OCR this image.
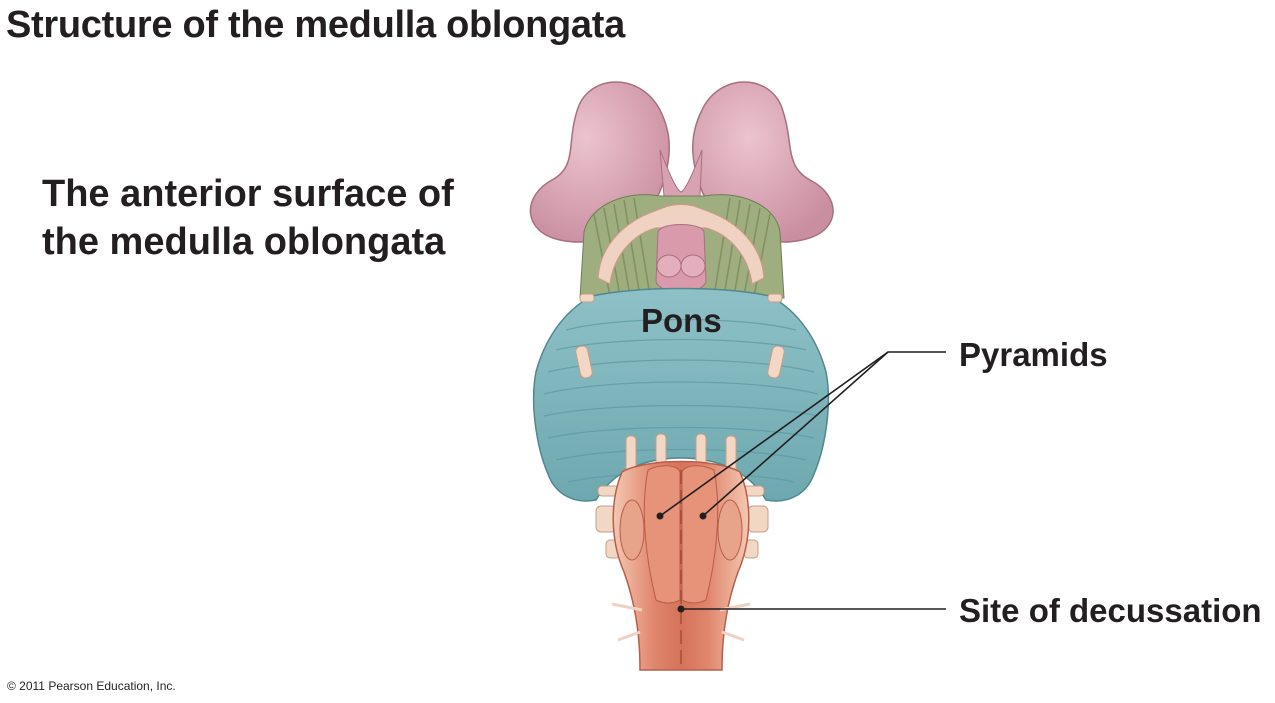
Structure of the medulla oblongata
The anterior surface of
the medulla oblongata
Pons
Pyramids
Site of decussation
© 2011 Pearson Education, Inc.
